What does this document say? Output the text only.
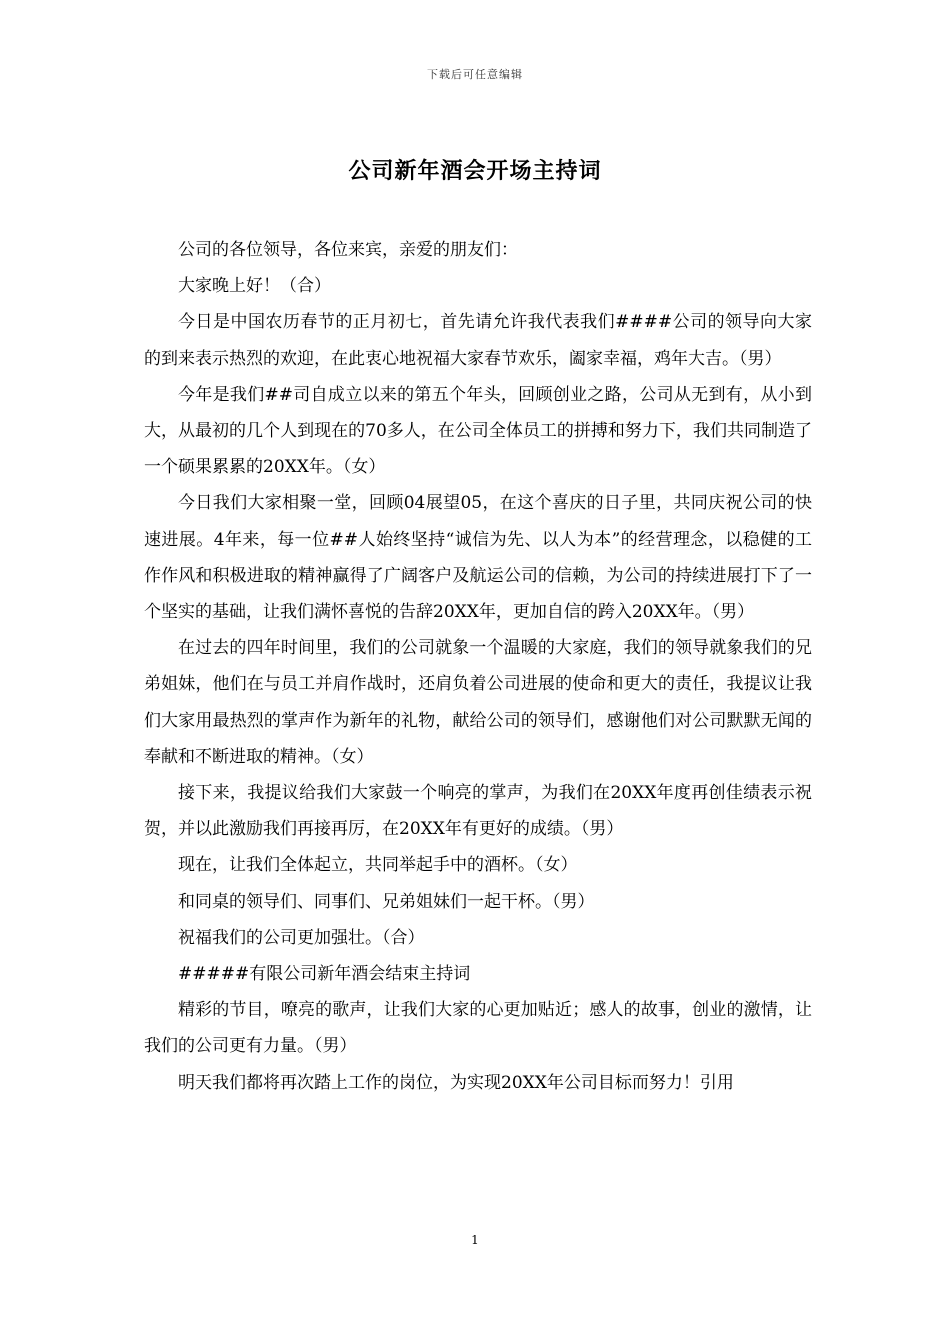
下载后可任意编辑
公司新年酒会开场主持词

公司的各位领导，各位来宾，亲爱的朋友们：

大家晚上好！（合）

今日是中国农历春节的正月初七，首先请允许我代表我们####公司的领导向大家的到来表示热烈的欢迎，在此衷心地祝福大家春节欢乐，阖家幸福，鸡年大吉。（男）

今年是我们##司自成立以来的第五个年头，回顾创业之路，公司从无到有，从小到大，从最初的几个人到现在的70多人，在公司全体员工的拼搏和努力下，我们共同制造了一个硕果累累的20XX年。（女）

今日我们大家相聚一堂，回顾04展望05，在这个喜庆的日子里，共同庆祝公司的快速进展。4年来，每一位##人始终坚持“诚信为先、以人为本”的经营理念，以稳健的工作作风和积极进取的精神赢得了广阔客户及航运公司的信赖，为公司的持续进展打下了一个坚实的基础，让我们满怀喜悦的告辞20XX年，更加自信的跨入20XX年。（男）

在过去的四年时间里，我们的公司就象一个温暖的大家庭，我们的领导就象我们的兄弟姐妹，他们在与员工并肩作战时，还肩负着公司进展的使命和更大的责任，我提议让我们大家用最热烈的掌声作为新年的礼物，献给公司的领导们，感谢他们对公司默默无闻的奉献和不断进取的精神。（女）

接下来，我提议给我们大家鼓一个响亮的掌声，为我们在20XX年度再创佳绩表示祝贺，并以此激励我们再接再厉，在20XX年有更好的成绩。（男）

现在，让我们全体起立，共同举起手中的酒杯。（女）

和同桌的领导们、同事们、兄弟姐妹们一起干杯。（男）

祝福我们的公司更加强壮。（合）

#####有限公司新年酒会结束主持词

精彩的节目，嘹亮的歌声，让我们大家的心更加贴近；感人的故事，创业的激情，让我们的公司更有力量。（男）

明天我们都将再次踏上工作的岗位，为实现20XX年公司目标而努力！引用

1
